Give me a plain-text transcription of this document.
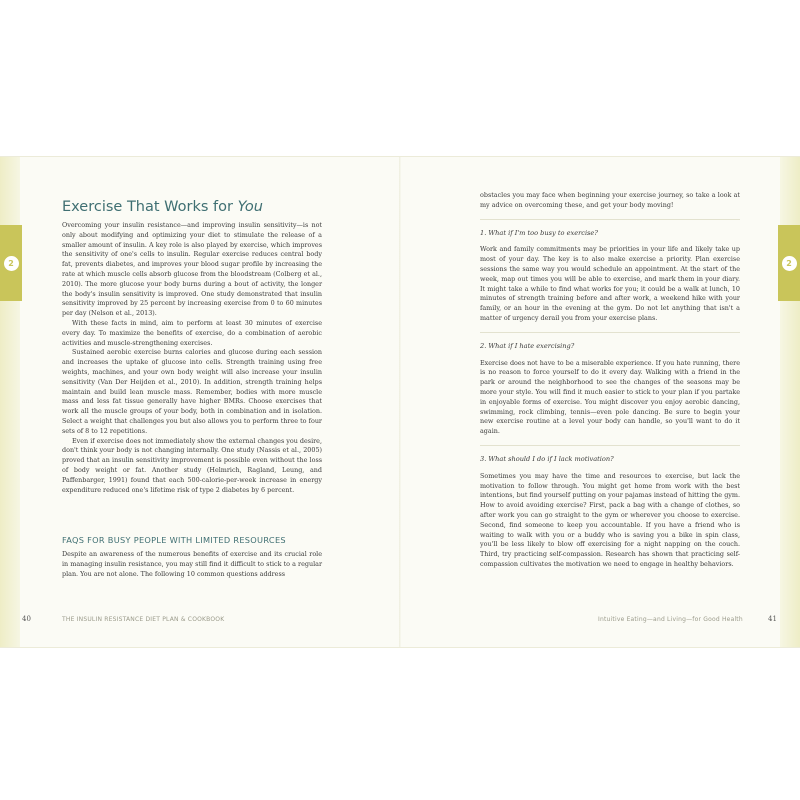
2	2
Exercise That Works for You

Overcoming your insulin resistance—and improving insulin sensitivity—is not only about modifying and optimizing your diet to stimulate the release of a smaller amount of insulin. A key role is also played by exercise, which improves the sensitivity of one's cells to insulin. Regular exercise reduces central body fat, prevents diabetes, and improves your blood sugar profile by increasing the rate at which muscle cells absorb glucose from the bloodstream (Colberg et al., 2010). The more glucose your body burns during a bout of activity, the longer the body's insulin sensitivity is improved. One study demonstrated that insulin sensitivity improved by 25 percent by increasing exercise from 0 to 60 minutes per day (Nelson et al., 2013).

With these facts in mind, aim to perform at least 30 minutes of exercise every day. To maximize the benefits of exercise, do a combination of aerobic activities and muscle-strengthening exercises.

Sustained aerobic exercise burns calories and glucose during each session and increases the uptake of glucose into cells. Strength training using free weights, machines, and your own body weight will also increase your insulin sensitivity (Van Der Heijden et al., 2010). In addition, strength training helps maintain and build lean muscle mass. Remember, bodies with more muscle mass and less fat tissue generally have higher BMRs. Choose exercises that work all the muscle groups of your body, both in combination and in isolation. Select a weight that challenges you but also allows you to perform three to four sets of 8 to 12 repetitions.

Even if exercise does not immediately show the external changes you desire, don't think your body is not changing internally. One study (Nassis et al., 2005) proved that an insulin sensitivity improvement is possible even without the loss of body weight or fat. Another study (Helmrich, Ragland, Leung, and Paffenbarger, 1991) found that each 500-calorie-per-week increase in energy expenditure reduced one's lifetime risk of type 2 diabetes by 6 percent.

FAQS FOR BUSY PEOPLE WITH LIMITED RESOURCES

Despite an awareness of the numerous benefits of exercise and its crucial role in managing insulin resistance, you may still find it difficult to stick to a regular plan. You are not alone. The following 10 common questions address

40	THE INSULIN RESISTANCE DIET PLAN & COOKBOOK

obstacles you may face when beginning your exercise journey, so take a look at my advice on overcoming these, and get your body moving!

1. What if I'm too busy to exercise?

Work and family commitments may be priorities in your life and likely take up most of your day. The key is to also make exercise a priority. Plan exercise sessions the same way you would schedule an appointment. At the start of the week, map out times you will be able to exercise, and mark them in your diary. It might take a while to find what works for you; it could be a walk at lunch, 10 minutes of strength training before and after work, a weekend hike with your family, or an hour in the evening at the gym. Do not let anything that isn't a matter of urgency derail you from your exercise plans.

2. What if I hate exercising?

Exercise does not have to be a miserable experience. If you hate running, there is no reason to force yourself to do it every day. Walking with a friend in the park or around the neighborhood to see the changes of the seasons may be more your style. You will find it much easier to stick to your plan if you partake in enjoyable forms of exercise. You might discover you enjoy aerobic dancing, swimming, rock climbing, tennis—even pole dancing. Be sure to begin your new exercise routine at a level your body can handle, so you'll want to do it again.

3. What should I do if I lack motivation?

Sometimes you may have the time and resources to exercise, but lack the motivation to follow through. You might get home from work with the best intentions, but find yourself putting on your pajamas instead of hitting the gym. How to avoid avoiding exercise? First, pack a bag with a change of clothes, so after work you can go straight to the gym or wherever you choose to exercise. Second, find someone to keep you accountable. If you have a friend who is waiting to walk with you or a buddy who is saving you a bike in spin class, you'll be less likely to blow off exercising for a night napping on the couch. Third, try practicing self-compassion. Research has shown that practicing self-compassion cultivates the motivation we need to engage in healthy behaviors.

Intuitive Eating—and Living—for Good Health	41
